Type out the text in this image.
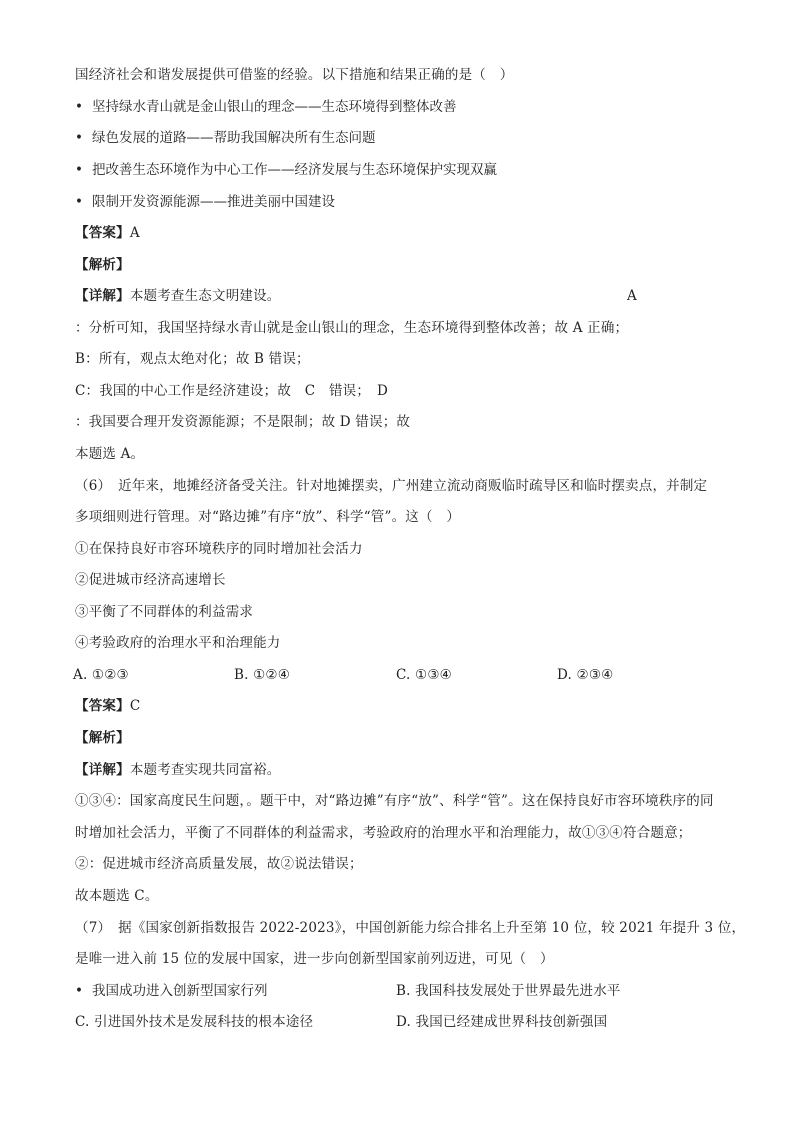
国经济社会和谐发展提供可借鉴的经验。以下措施和结果正确的是（　）
• 坚持绿水青山就是金山银山的理念——生态环境得到整体改善
• 绿色发展的道路——帮助我国解决所有生态问题
• 把改善生态环境作为中心工作——经济发展与生态环境保护实现双赢
• 限制开发资源能源——推进美丽中国建设
【答案】A
【解析】
【详解】本题考查生态文明建设。	A
：分析可知，我国坚持绿水青山就是金山银山的理念，生态环境得到整体改善；故 A 正确；
B：所有，观点太绝对化；故 B 错误；
C：我国的中心工作是经济建设；故　C　错误；　D
：我国要合理开发资源能源；不是限制；故 D 错误；故
本题选 A。
（6）　近年来，地摊经济备受关注。针对地摊摆卖，广州建立流动商贩临时疏导区和临时摆卖点，并制定
多项细则进行管理。对“路边摊”有序“放”、科学“管”。这（　）
①在保持良好市容环境秩序的同时增加社会活力
②促进城市经济高速增长
③平衡了不同群体的利益需求
④考验政府的治理水平和治理能力
A. ①②③	B. ①②④	C. ①③④	D. ②③④
【答案】C
【解析】
【详解】本题考查实现共同富裕。
①③④：国家高度民生问题，。题干中，对“路边摊”有序“放”、科学“管”。这在保持良好市容环境秩序的同
时增加社会活力，平衡了不同群体的利益需求，考验政府的治理水平和治理能力，故①③④符合题意；
②：促进城市经济高质量发展，故②说法错误；
故本题选 C。
（7）　据《国家创新指数报告 2022-2023》，中国创新能力综合排名上升至第 10 位，较 2021 年提升 3 位，
是唯一进入前 15 位的发展中国家，进一步向创新型国家前列迈进，可见（　）
• 我国成功进入创新型国家行列	B. 我国科技发展处于世界最先进水平
C. 引进国外技术是发展科技的根本途径	D. 我国已经建成世界科技创新强国
